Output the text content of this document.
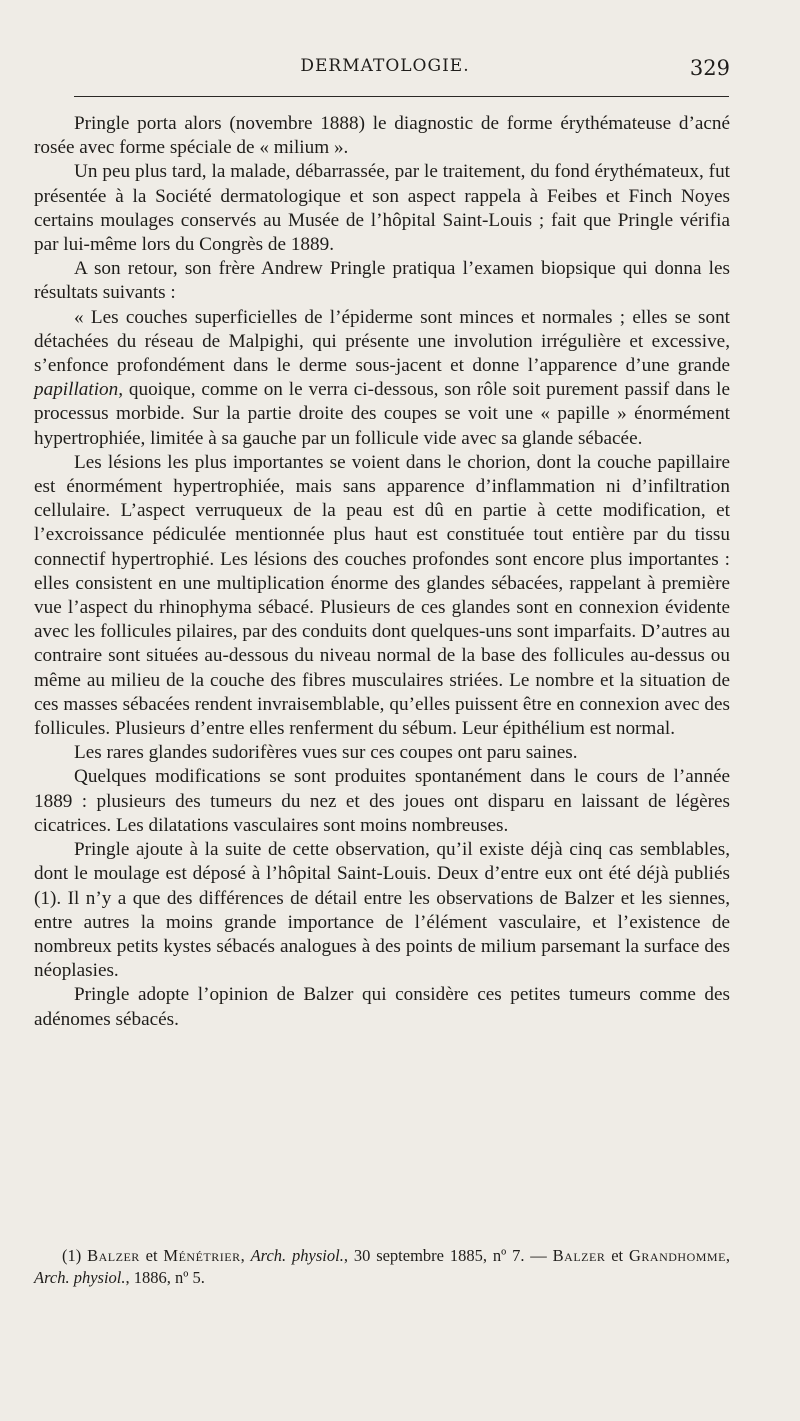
DERMATOLOGIE.	329

Pringle porta alors (novembre 1888) le diagnostic de forme érythémateuse d’acné rosée avec forme spéciale de « milium ».

Un peu plus tard, la malade, débarrassée, par le traitement, du fond érythémateux, fut présentée à la Société dermatologique et son aspect rappela à Feibes et Finch Noyes certains moulages conservés au Musée de l’hôpital Saint-Louis ; fait que Pringle vérifia par lui-même lors du Congrès de 1889.

A son retour, son frère Andrew Pringle pratiqua l’examen biopsique qui donna les résultats suivants :

« Les couches superficielles de l’épiderme sont minces et normales ; elles se sont détachées du réseau de Malpighi, qui présente une involution irrégulière et excessive, s’enfonce profondément dans le derme sous-jacent et donne l’apparence d’une grande papillation, quoique, comme on le verra ci-dessous, son rôle soit purement passif dans le processus morbide. Sur la partie droite des coupes se voit une « papille » énormément hypertrophiée, limitée à sa gauche par un follicule vide avec sa glande sébacée.

Les lésions les plus importantes se voient dans le chorion, dont la couche papillaire est énormément hypertrophiée, mais sans apparence d’inflammation ni d’infiltration cellulaire. L’aspect verruqueux de la peau est dû en partie à cette modification, et l’excroissance pédiculée mentionnée plus haut est constituée tout entière par du tissu connectif hypertrophié. Les lésions des couches profondes sont encore plus importantes : elles consistent en une multiplication énorme des glandes sébacées, rappelant à première vue l’aspect du rhinophyma sébacé. Plusieurs de ces glandes sont en connexion évidente avec les follicules pilaires, par des conduits dont quelques-uns sont imparfaits. D’autres au contraire sont situées au-dessous du niveau normal de la base des follicules au-dessus ou même au milieu de la couche des fibres musculaires striées. Le nombre et la situation de ces masses sébacées rendent invraisemblable, qu’elles puissent être en connexion avec des follicules. Plusieurs d’entre elles renferment du sébum. Leur épithélium est normal.

Les rares glandes sudorifères vues sur ces coupes ont paru saines.

Quelques modifications se sont produites spontanément dans le cours de l’année 1889 : plusieurs des tumeurs du nez et des joues ont disparu en laissant de légères cicatrices. Les dilatations vasculaires sont moins nombreuses.

Pringle ajoute à la suite de cette observation, qu’il existe déjà cinq cas semblables, dont le moulage est déposé à l’hôpital Saint-Louis. Deux d’entre eux ont été déjà publiés (1). Il n’y a que des différences de détail entre les observations de Balzer et les siennes, entre autres la moins grande importance de l’élément vasculaire, et l’existence de nombreux petits kystes sébacés analogues à des points de milium parsemant la surface des néoplasies.

Pringle adopte l’opinion de Balzer qui considère ces petites tumeurs comme des adénomes sébacés.

(1) Balzer et Ménétrier, Arch. physiol., 30 septembre 1885, nº 7. — Balzer et Grandhomme, Arch. physiol., 1886, nº 5.
